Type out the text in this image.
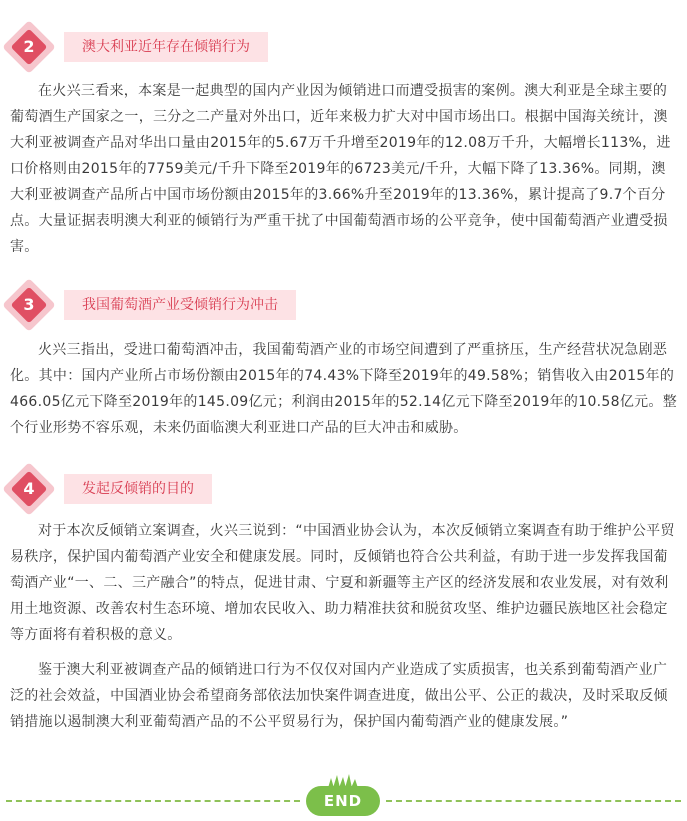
2	澳大利亚近年存在倾销行为

在火兴三看来，本案是一起典型的国内产业因为倾销进口而遭受损害的案例。澳大利亚是全球主要的葡萄酒生产国家之一，三分之二产量对外出口，近年来极力扩大对中国市场出口。根据中国海关统计，澳大利亚被调查产品对华出口量由2015年的5.67万千升增至2019年的12.08万千升，大幅增长113%，进口价格则由2015年的7759美元/千升下降至2019年的6723美元/千升，大幅下降了13.36%。同期，澳大利亚被调查产品所占中国市场份额由2015年的3.66%升至2019年的13.36%，累计提高了9.7个百分点。大量证据表明澳大利亚的倾销行为严重干扰了中国葡萄酒市场的公平竞争，使中国葡萄酒产业遭受损害。

3	我国葡萄酒产业受倾销行为冲击

火兴三指出，受进口葡萄酒冲击，我国葡萄酒产业的市场空间遭到了严重挤压，生产经营状况急剧恶化。其中：国内产业所占市场份额由2015年的74.43%下降至2019年的49.58%；销售收入由2015年的466.05亿元下降至2019年的145.09亿元；利润由2015年的52.14亿元下降至2019年的10.58亿元。整个行业形势不容乐观，未来仍面临澳大利亚进口产品的巨大冲击和威胁。

4	发起反倾销的目的

对于本次反倾销立案调查，火兴三说到：“中国酒业协会认为，本次反倾销立案调查有助于维护公平贸易秩序，保护国内葡萄酒产业安全和健康发展。同时，反倾销也符合公共利益，有助于进一步发挥我国葡萄酒产业“一、二、三产融合”的特点，促进甘肃、宁夏和新疆等主产区的经济发展和农业发展，对有效利用土地资源、改善农村生态环境、增加农民收入、助力精准扶贫和脱贫攻坚、维护边疆民族地区社会稳定等方面将有着积极的意义。

鉴于澳大利亚被调查产品的倾销进口行为不仅仅对国内产业造成了实质损害，也关系到葡萄酒产业广泛的社会效益，中国酒业协会希望商务部依法加快案件调查进度，做出公平、公正的裁决，及时采取反倾销措施以遏制澳大利亚葡萄酒产品的不公平贸易行为，保护国内葡萄酒产业的健康发展。”

END
